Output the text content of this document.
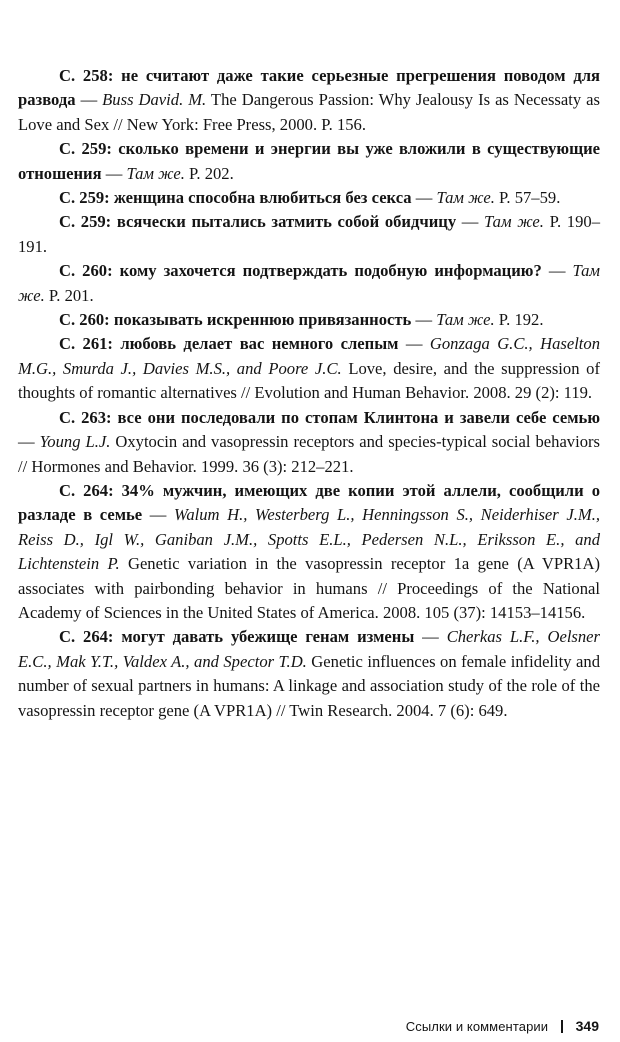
С. 258: не считают даже такие серьезные прегрешения поводом для развода — Buss David. M. The Dangerous Passion: Why Jealousy Is as Necessaty as Love and Sex // New York: Free Press, 2000. P. 156.

С. 259: сколько времени и энергии вы уже вложили в существующие отношения — Там же. P. 202.

С. 259: женщина способна влюбиться без секса — Там же. P. 57–59.

С. 259: всячески пытались затмить собой обидчицу — Там же. P. 190–191.

С. 260: кому захочется подтверждать подобную информацию? — Там же. P. 201.

С. 260: показывать искреннюю привязанность — Там же. P. 192.

С. 261: любовь делает вас немного слепым — Gonzaga G.C., Haselton M.G., Smurda J., Davies M.S., and Poore J.C. Love, desire, and the suppression of thoughts of romantic alternatives // Evolution and Human Behavior. 2008. 29 (2): 119.

С. 263: все они последовали по стопам Клинтона и завели себе семью — Young L.J. Oxytocin and vasopressin receptors and species-typical social behaviors // Hormones and Behavior. 1999. 36 (3): 212–221.

С. 264: 34% мужчин, имеющих две копии этой аллели, сообщили о разладе в семье — Walum H., Westerberg L., Henningsson S., Neiderhiser J.M., Reiss D., Igl W., Ganiban J.M., Spotts E.L., Pedersen N.L., Eriksson E., and Lichtenstein P. Genetic variation in the vasopressin receptor 1a gene (A VPR1A) associates with pairbonding behavior in humans // Proceedings of the National Academy of Sciences in the United States of America. 2008. 105 (37): 14153–14156.

С. 264: могут давать убежище генам измены — Cherkas L.F., Oelsner E.C., Mak Y.T., Valdex A., and Spector T.D. Genetic influences on female infidelity and number of sexual partners in humans: A linkage and association study of the role of the vasopressin receptor gene (A VPR1A) // Twin Research. 2004. 7 (6): 649.

Ссылки и комментарии 349
